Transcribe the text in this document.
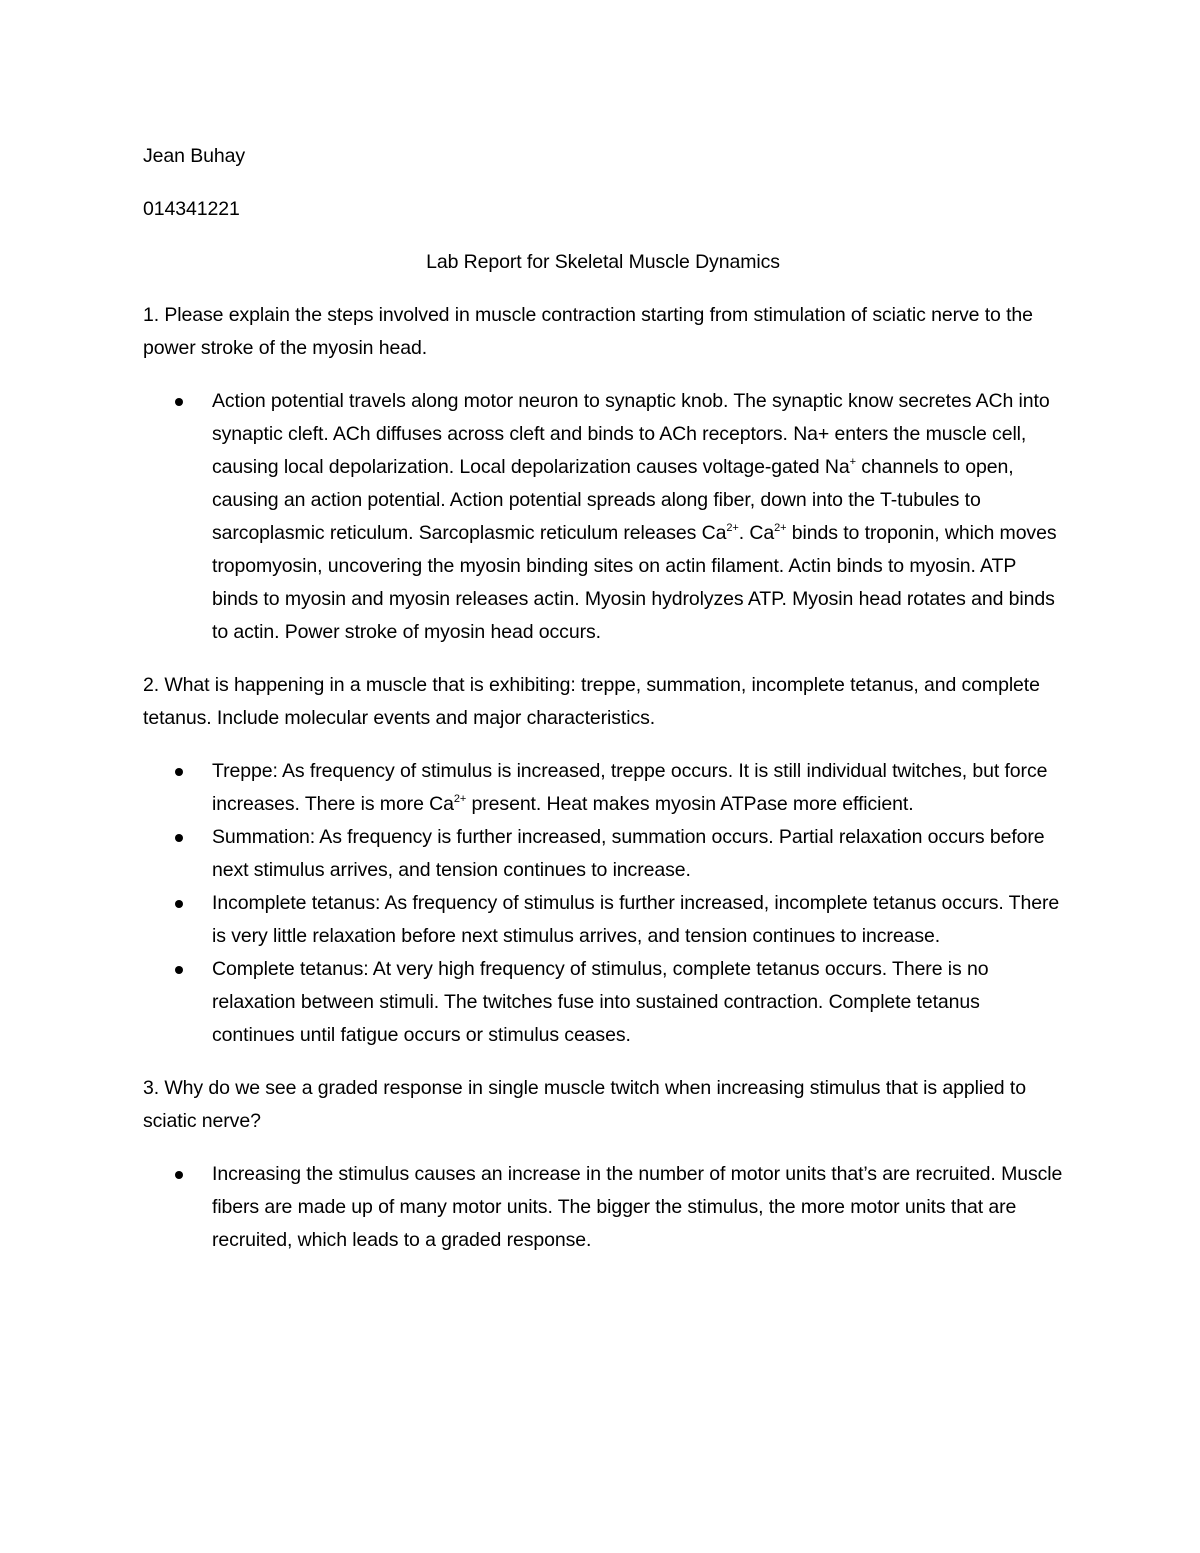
Jean Buhay

014341221

Lab Report for Skeletal Muscle Dynamics

1. Please explain the steps involved in muscle contraction starting from stimulation of sciatic nerve to the power stroke of the myosin head.

Action potential travels along motor neuron to synaptic knob. The synaptic know secretes ACh into synaptic cleft. ACh diffuses across cleft and binds to ACh receptors. Na+ enters the muscle cell, causing local depolarization. Local depolarization causes voltage-gated Na+ channels to open, causing an action potential. Action potential spreads along fiber, down into the T-tubules to sarcoplasmic reticulum. Sarcoplasmic reticulum releases $Ca^{2+}$. $Ca^{2+}$ binds to troponin, which moves tropomyosin, uncovering the myosin binding sites on actin filament. Actin binds to myosin. ATP binds to myosin and myosin releases actin. Myosin hydrolyzes ATP. Myosin head rotates and binds to actin. Power stroke of myosin head occurs.

2. What is happening in a muscle that is exhibiting: treppe, summation, incomplete tetanus, and complete tetanus. Include molecular events and major characteristics.

Treppe: As frequency of stimulus is increased, treppe occurs. It is still individual twitches, but force increases. There is more $Ca^{2+}$ present. Heat makes myosin ATPase more efficient.
Summation: As frequency is further increased, summation occurs. Partial relaxation occurs before next stimulus arrives, and tension continues to increase.
Incomplete tetanus: As frequency of stimulus is further increased, incomplete tetanus occurs. There is very little relaxation before next stimulus arrives, and tension continues to increase.
Complete tetanus: At very high frequency of stimulus, complete tetanus occurs. There is no relaxation between stimuli. The twitches fuse into sustained contraction. Complete tetanus continues until fatigue occurs or stimulus ceases.

3. Why do we see a graded response in single muscle twitch when increasing stimulus that is applied to sciatic nerve?

Increasing the stimulus causes an increase in the number of motor units that’s are recruited. Muscle fibers are made up of many motor units. The bigger the stimulus, the more motor units that are recruited, which leads to a graded response.
